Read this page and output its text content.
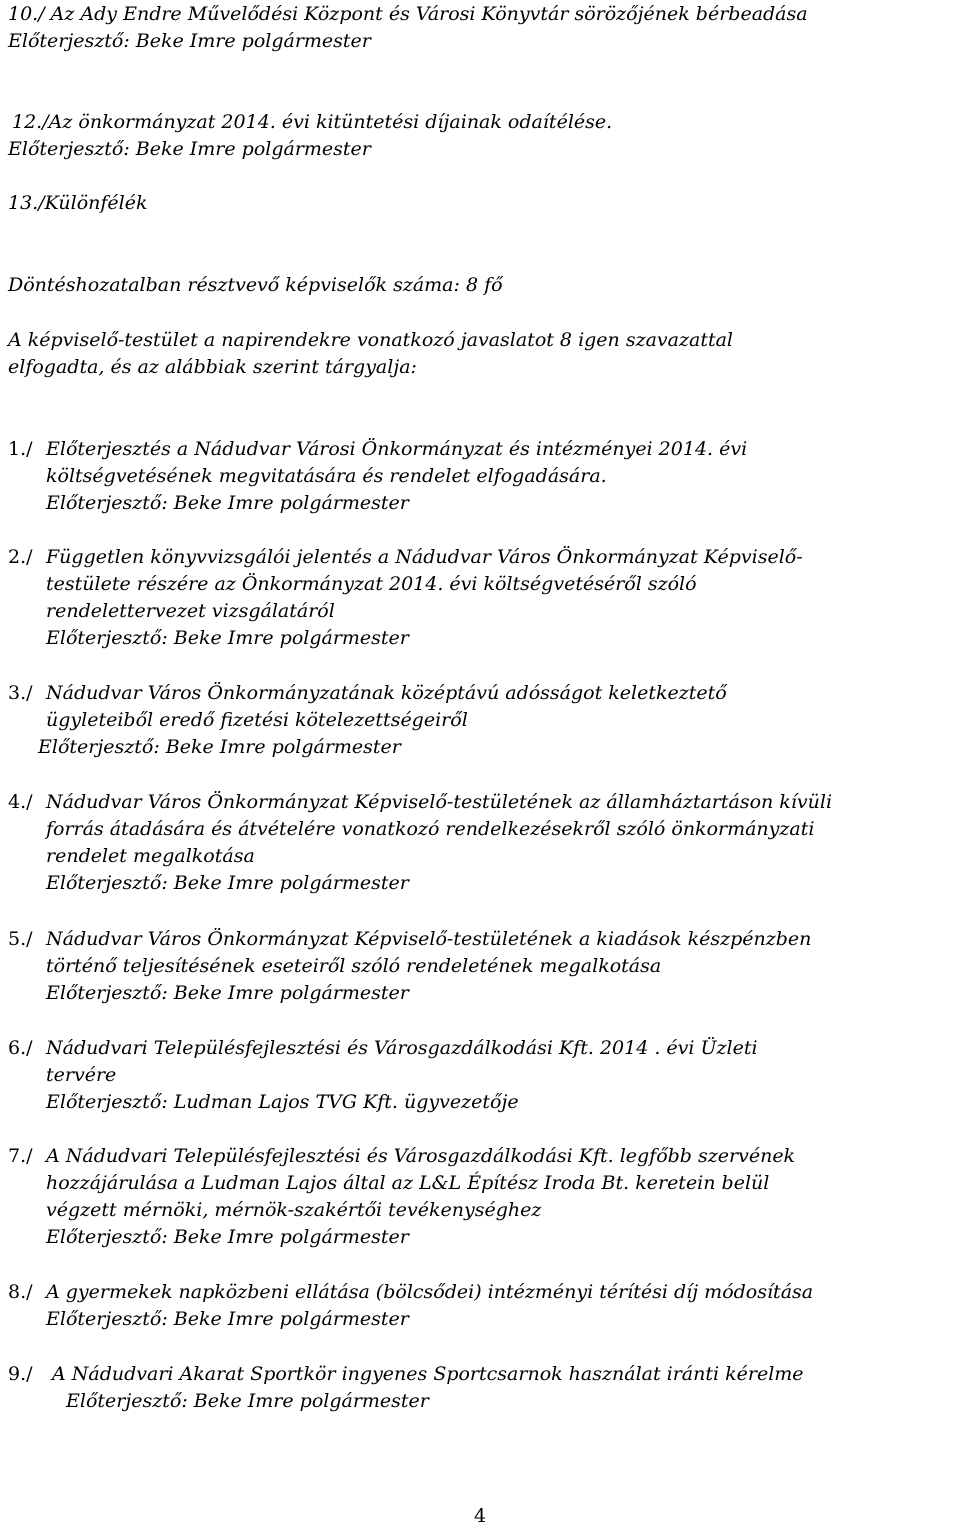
10./ Az Ady Endre Művelődési Központ és Városi Könyvtár sörözőjének bérbeadása
Előterjesztő: Beke Imre polgármester
12./Az önkormányzat 2014. évi kitüntetési díjainak odaítélése.
Előterjesztő: Beke Imre polgármester
13./Különfélék
Döntéshozatalban résztvevő képviselők száma: 8 fő
A képviselő-testület a napirendekre vonatkozó javaslatot 8 igen szavazattal
elfogadta, és az alábbiak szerint tárgyalja:
1./ Előterjesztés a Nádudvar Városi Önkormányzat és intézményei 2014. évi
költségvetésének megvitatására és rendelet elfogadására.
Előterjesztő: Beke Imre polgármester
2./ Független könyvvizsgálói jelentés a Nádudvar Város Önkormányzat Képviselő-
testülete részére az Önkormányzat 2014. évi költségvetéséről szóló
rendelettervezet vizsgálatáról
Előterjesztő: Beke Imre polgármester
3./ Nádudvar Város Önkormányzatának középtávú adósságot keletkeztető
ügyleteiből eredő fizetési kötelezettségeiről
Előterjesztő: Beke Imre polgármester
4./ Nádudvar Város Önkormányzat Képviselő-testületének az államháztartáson kívüli
forrás átadására és átvételére vonatkozó rendelkezésekről szóló önkormányzati
rendelet megalkotása
Előterjesztő: Beke Imre polgármester
5./ Nádudvar Város Önkormányzat Képviselő-testületének a kiadások készpénzben
történő teljesítésének eseteiről szóló rendeletének megalkotása
Előterjesztő: Beke Imre polgármester
6./ Nádudvari Településfejlesztési és Városgazdálkodási Kft. 2014 . évi Üzleti
tervére
Előterjesztő: Ludman Lajos TVG Kft. ügyvezetője
7./ A Nádudvari Településfejlesztési és Városgazdálkodási Kft. legfőbb szervének
hozzájárulása a Ludman Lajos által az L&L Építész Iroda Bt. keretein belül
végzett mérnöki, mérnök-szakértői tevékenységhez
Előterjesztő: Beke Imre polgármester
8./ A gyermekek napközbeni ellátása (bölcsődei) intézményi térítési díj módosítása
Előterjesztő: Beke Imre polgármester
9./ A Nádudvari Akarat Sportkör ingyenes Sportcsarnok használat iránti kérelme
Előterjesztő: Beke Imre polgármester
4
